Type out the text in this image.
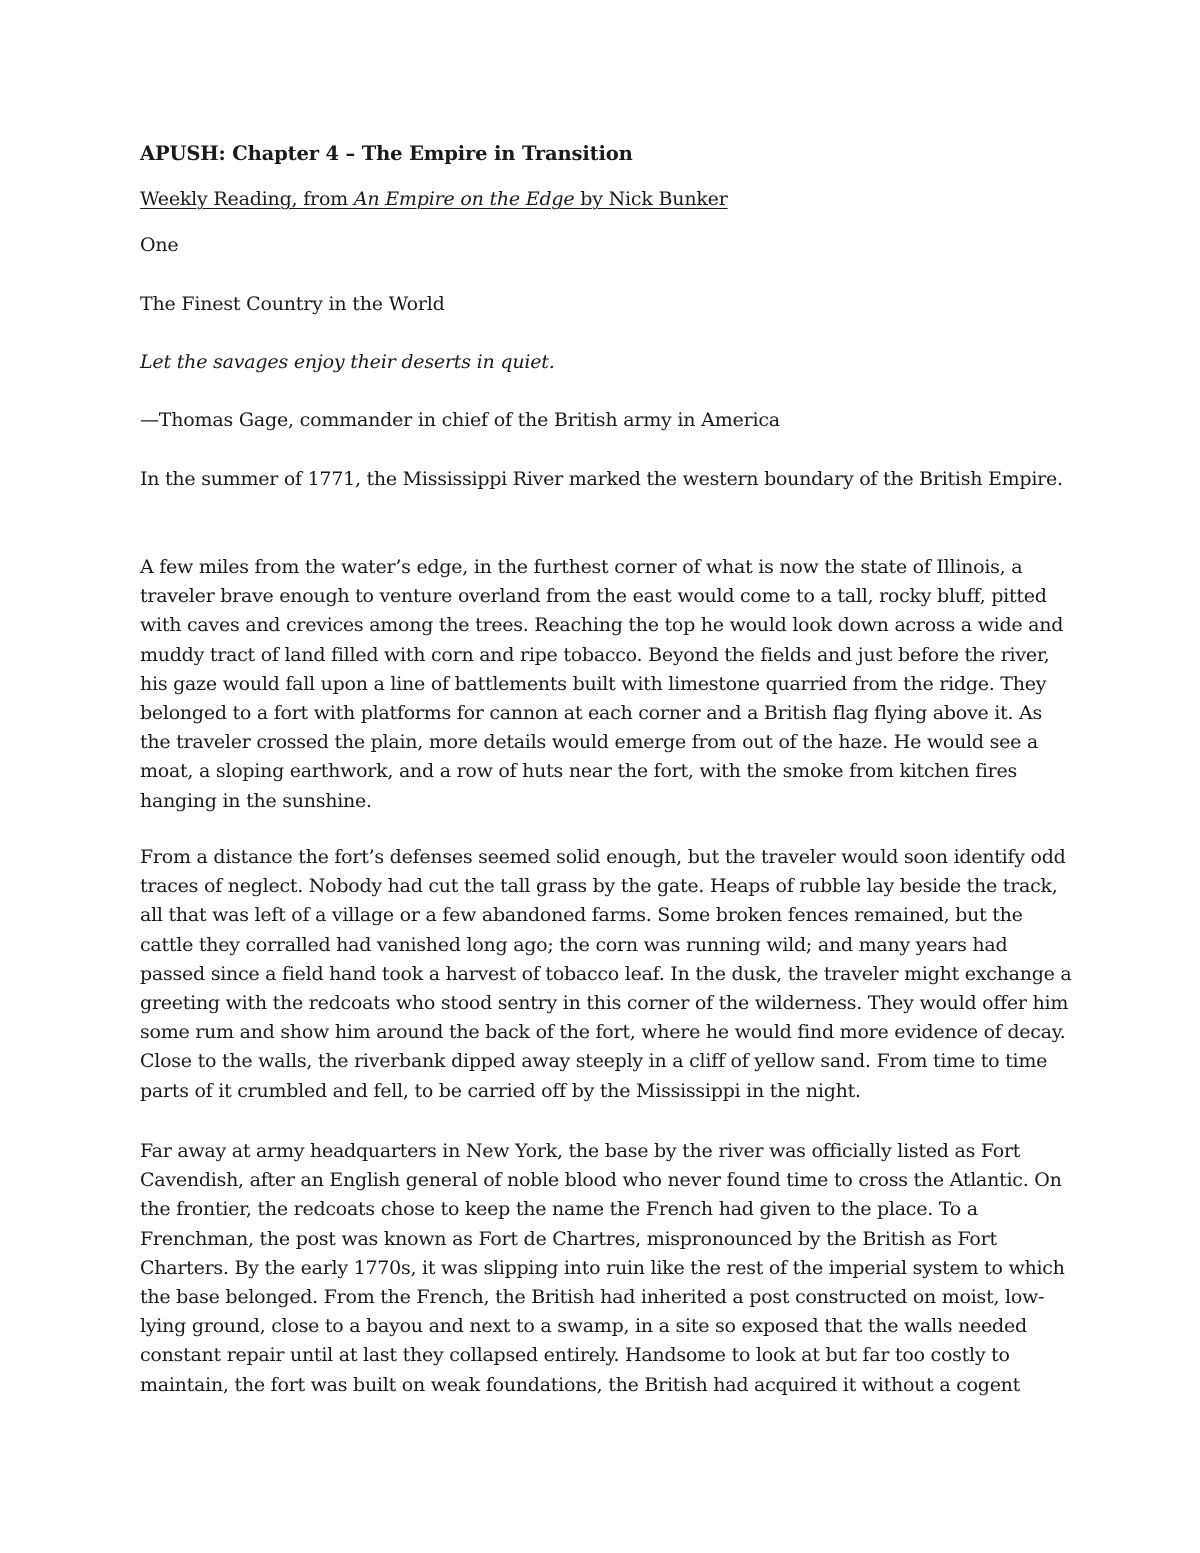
APUSH: Chapter 4 – The Empire in Transition

Weekly Reading, from An Empire on the Edge by Nick Bunker

One

The Finest Country in the World

Let the savages enjoy their deserts in quiet.

—Thomas Gage, commander in chief of the British army in America

In the summer of 1771, the Mississippi River marked the western boundary of the British Empire.

A few miles from the water’s edge, in the furthest corner of what is now the state of Illinois, a traveler brave enough to venture overland from the east would come to a tall, rocky bluff, pitted with caves and crevices among the trees. Reaching the top he would look down across a wide and muddy tract of land filled with corn and ripe tobacco. Beyond the fields and just before the river, his gaze would fall upon a line of battlements built with limestone quarried from the ridge. They belonged to a fort with platforms for cannon at each corner and a British flag flying above it. As the traveler crossed the plain, more details would emerge from out of the haze. He would see a moat, a sloping earthwork, and a row of huts near the fort, with the smoke from kitchen fires hanging in the sunshine.

From a distance the fort’s defenses seemed solid enough, but the traveler would soon identify odd traces of neglect. Nobody had cut the tall grass by the gate. Heaps of rubble lay beside the track, all that was left of a village or a few abandoned farms. Some broken fences remained, but the cattle they corralled had vanished long ago; the corn was running wild; and many years had passed since a field hand took a harvest of tobacco leaf. In the dusk, the traveler might exchange a greeting with the redcoats who stood sentry in this corner of the wilderness. They would offer him some rum and show him around the back of the fort, where he would find more evidence of decay. Close to the walls, the riverbank dipped away steeply in a cliff of yellow sand. From time to time parts of it crumbled and fell, to be carried off by the Mississippi in the night.

Far away at army headquarters in New York, the base by the river was officially listed as Fort Cavendish, after an English general of noble blood who never found time to cross the Atlantic. On the frontier, the redcoats chose to keep the name the French had given to the place. To a Frenchman, the post was known as Fort de Chartres, mispronounced by the British as Fort Charters. By the early 1770s, it was slipping into ruin like the rest of the imperial system to which the base belonged. From the French, the British had inherited a post constructed on moist, low-lying ground, close to a bayou and next to a swamp, in a site so exposed that the walls needed constant repair until at last they collapsed entirely. Handsome to look at but far too costly to maintain, the fort was built on weak foundations, the British had acquired it without a cogent
